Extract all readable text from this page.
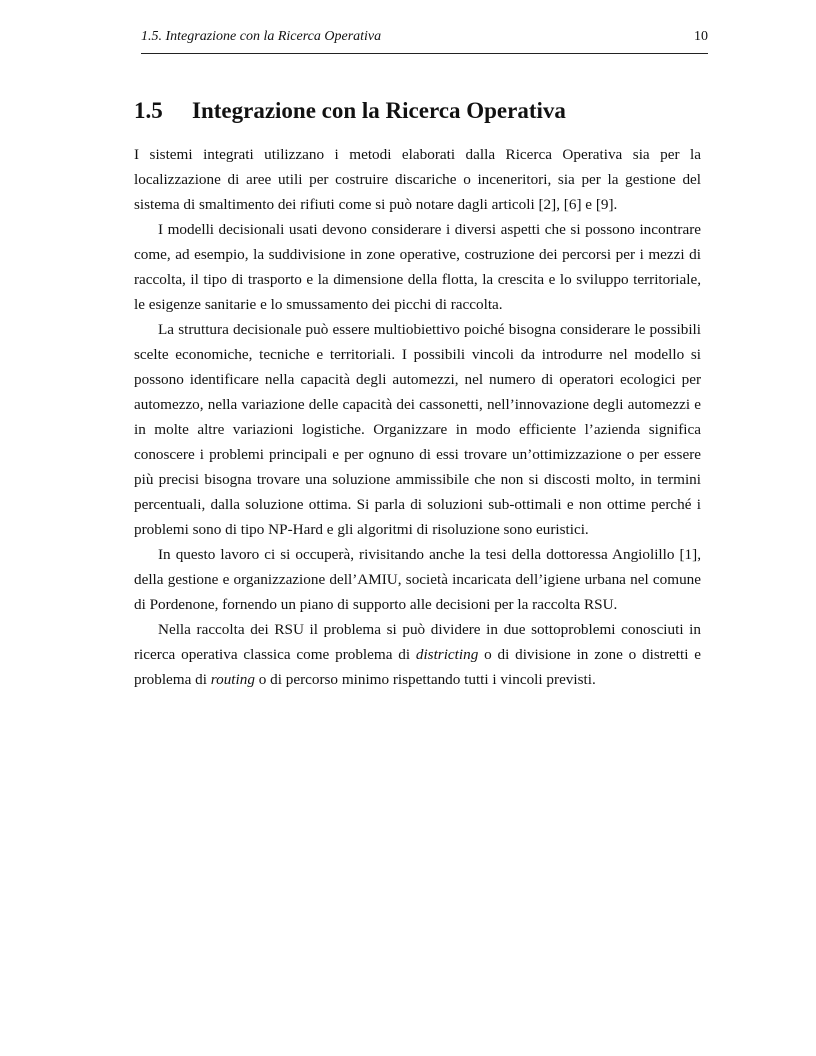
1.5. Integrazione con la Ricerca Operativa	10
1.5 Integrazione con la Ricerca Operativa

I sistemi integrati utilizzano i metodi elaborati dalla Ricerca Operativa sia per la localizzazione di aree utili per costruire discariche o inceneritori, sia per la gestione del sistema di smaltimento dei rifiuti come si può notare dagli articoli [2], [6] e [9].

I modelli decisionali usati devono considerare i diversi aspetti che si possono incontrare come, ad esempio, la suddivisione in zone operative, costruzione dei percorsi per i mezzi di raccolta, il tipo di trasporto e la dimensione della flotta, la crescita e lo sviluppo territoriale, le esigenze sanitarie e lo smussamento dei picchi di raccolta.

La struttura decisionale può essere multiobiettivo poiché bisogna considerare le possibili scelte economiche, tecniche e territoriali. I possibili vincoli da introdurre nel modello si possono identificare nella capacità degli automezzi, nel numero di operatori ecologici per automezzo, nella variazione delle capacità dei cassonetti, nell’innovazione degli automezzi e in molte altre variazioni logistiche. Organizzare in modo efficiente l’azienda significa conoscere i problemi principali e per ognuno di essi trovare un’ottimizzazione o per essere più precisi bisogna trovare una soluzione ammissibile che non si discosti molto, in termini percentuali, dalla soluzione ottima. Si parla di soluzioni sub-ottimali e non ottime perché i problemi sono di tipo NP-Hard e gli algoritmi di risoluzione sono euristici.

In questo lavoro ci si occuperà, rivisitando anche la tesi della dottoressa Angiolillo [1], della gestione e organizzazione dell’AMIU, società incaricata dell’igiene urbana nel comune di Pordenone, fornendo un piano di supporto alle decisioni per la raccolta RSU.

Nella raccolta dei RSU il problema si può dividere in due sottoproblemi conosciuti in ricerca operativa classica come problema di districting o di divisione in zone o distretti e problema di routing o di percorso minimo rispettando tutti i vincoli previsti.
